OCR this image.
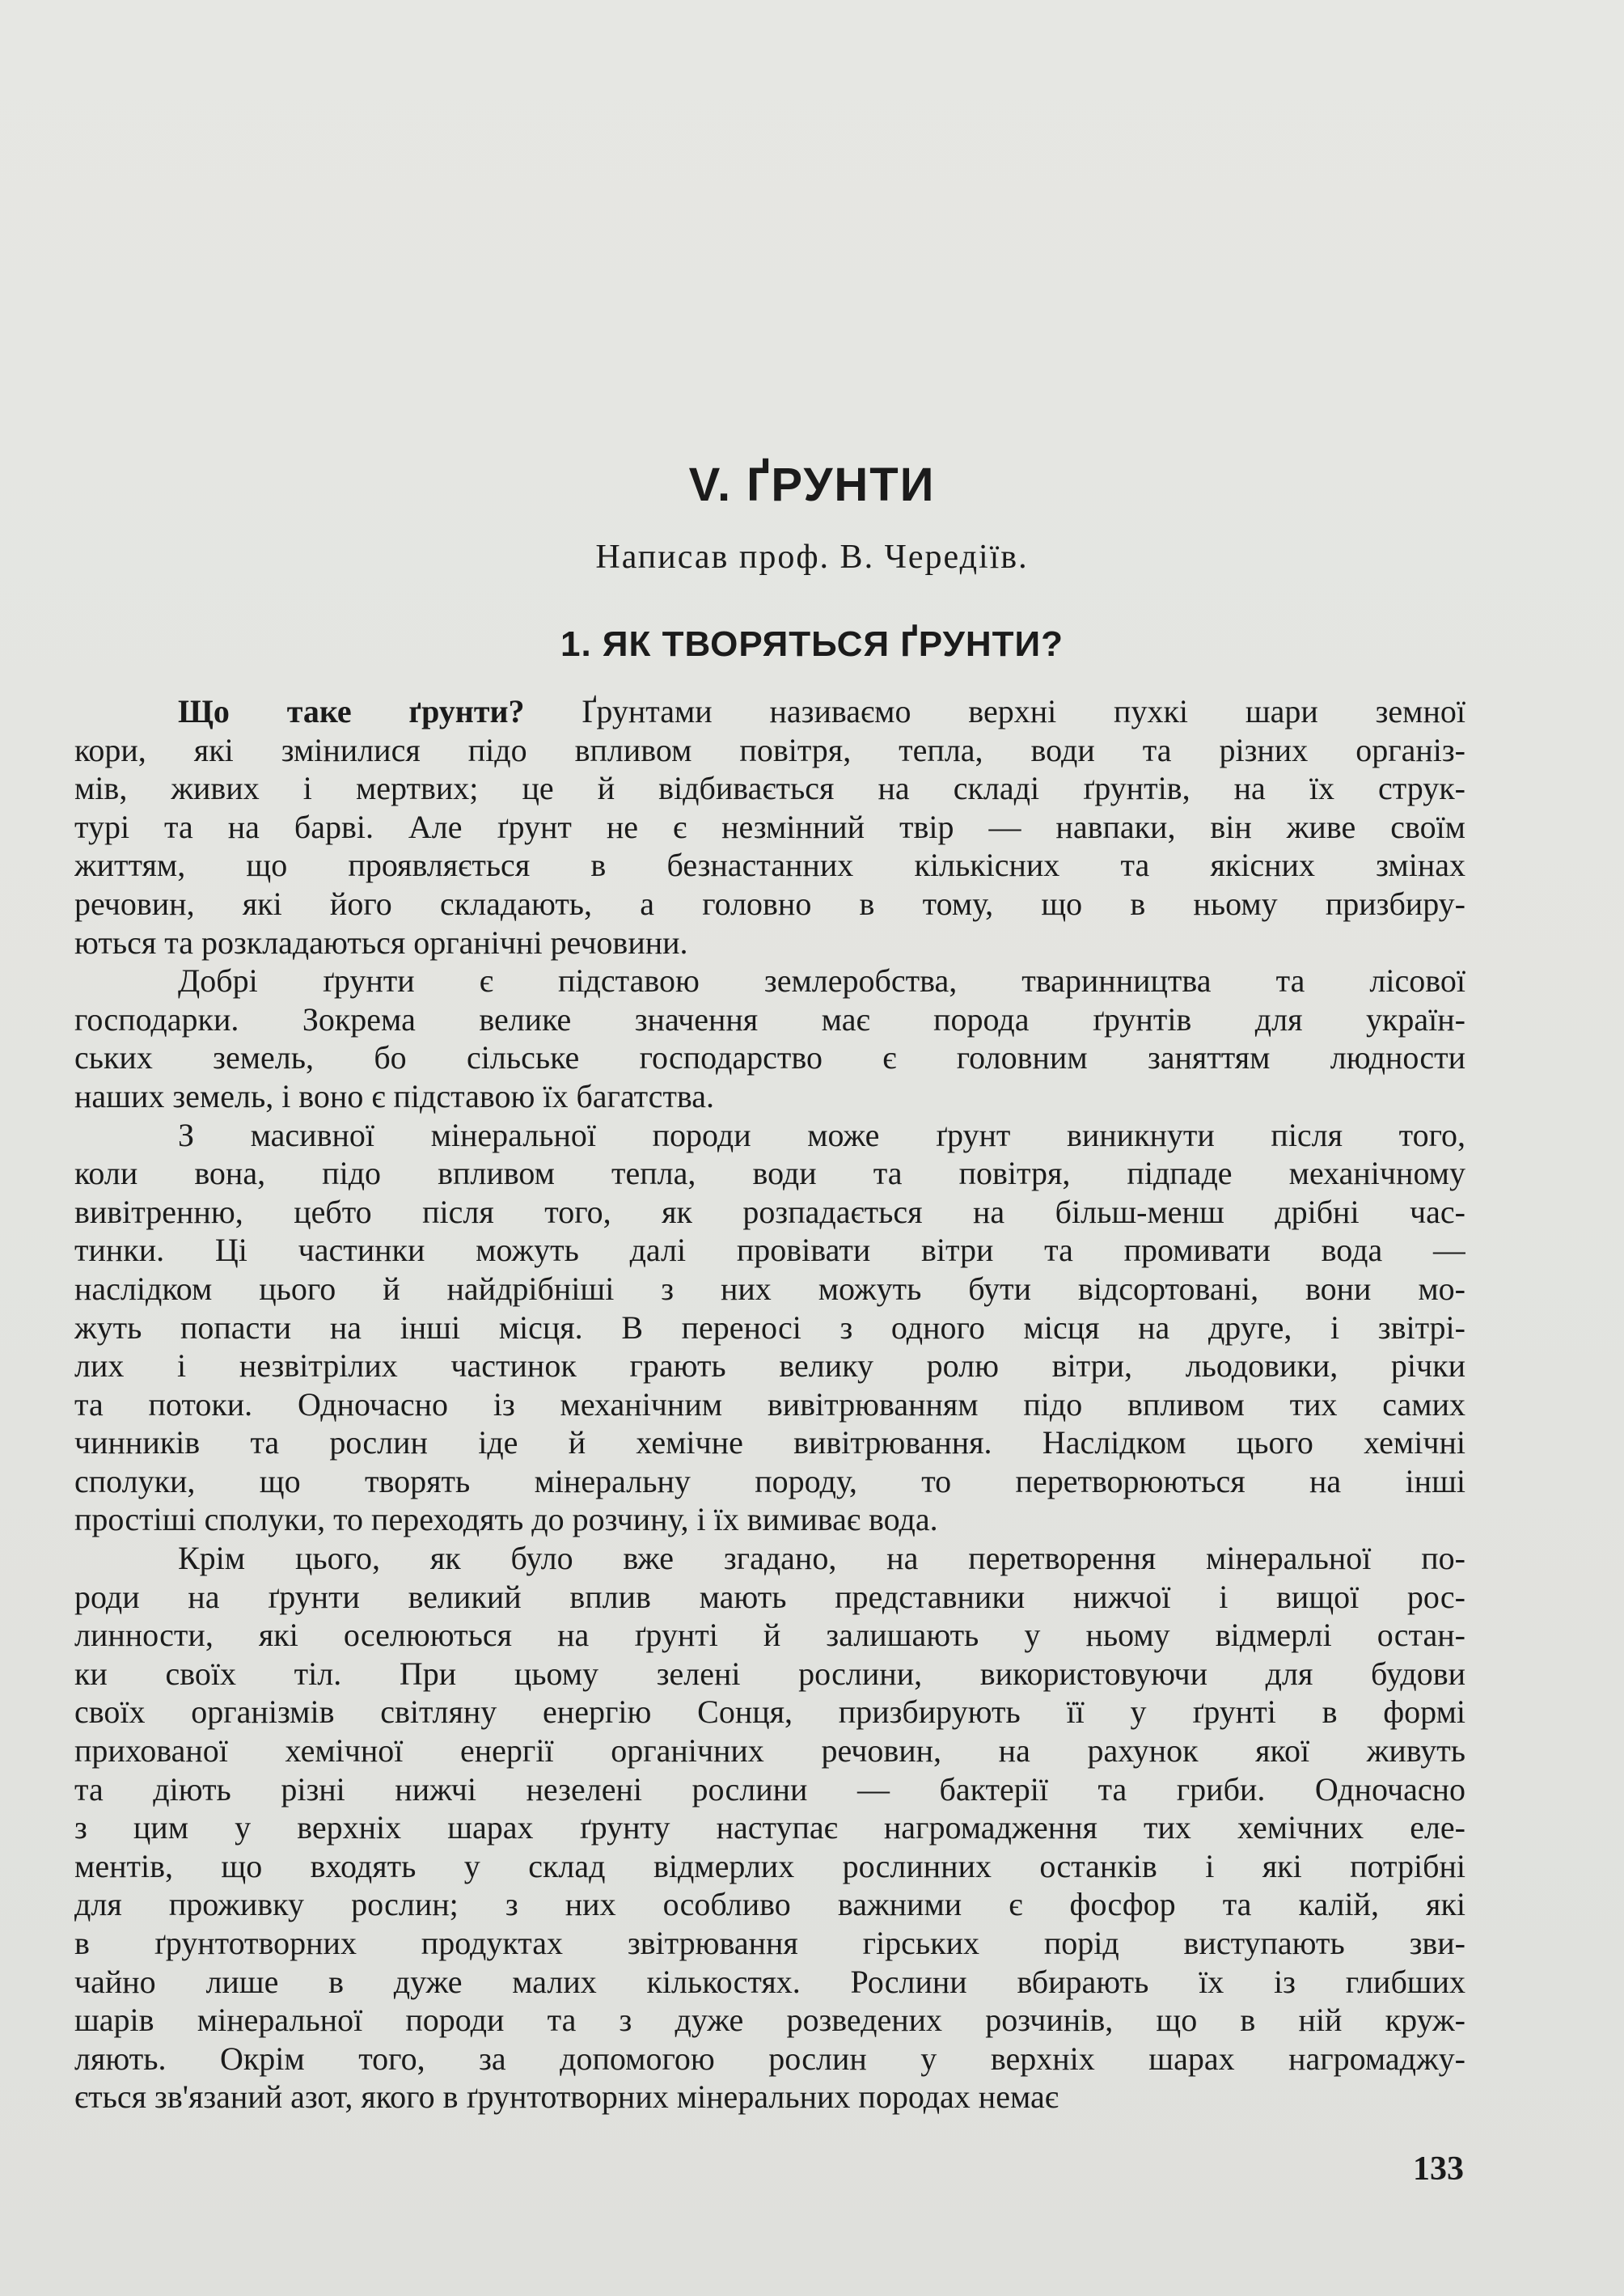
V. ҐРУНТИ

Написав проф. В. Чередіїв.

1. ЯК ТВОРЯТЬСЯ ҐРУНТИ?
Що таке ґрунти? Ґрунтами називаємо верхні пухкі шари земної
кори, які змінилися підо впливом повітря, тепла, води та різних організ-
мів, живих і мертвих; це й відбивається на складі ґрунтів, на їх струк-
турі та на барві. Але ґрунт не є незмінний твір — навпаки, він живе своїм
життям, що проявляється в безнастанних кількісних та якісних змінах
речовин, які його складають, а головно в тому, що в ньому призбиру-
ються та розкладаються органічні речовини.
Добрі ґрунти є підставою землеробства, тваринництва та лісової
господарки. Зокрема велике значення має порода ґрунтів для україн-
ських земель, бо сільське господарство є головним заняттям людности
наших земель, і воно є підставою їх багатства.
З масивної мінеральної породи може ґрунт виникнути після того,
коли вона, підо впливом тепла, води та повітря, підпаде механічному
вивітренню, цебто після того, як розпадається на більш-менш дрібні час-
тинки. Ці частинки можуть далі провівати вітри та промивати вода —
наслідком цього й найдрібніші з них можуть бути відсортовані, вони мо-
жуть попасти на інші місця. В переносі з одного місця на друге, і звітрі-
лих і незвітрілих частинок грають велику ролю вітри, льодовики, річки
та потоки. Одночасно із механічним вивітрюванням підо впливом тих самих
чинників та рослин іде й хемічне вивітрювання. Наслідком цього хемічні
сполуки, що творять мінеральну породу, то перетворюються на інші
простіші сполуки, то переходять до розчину, і їх вимиває вода.
Крім цього, як було вже згадано, на перетворення мінеральної по-
роди на ґрунти великий вплив мають представники нижчої і вищої рос-
линности, які оселюються на ґрунті й залишають у ньому відмерлі остан-
ки своїх тіл. При цьому зелені рослини, використовуючи для будови
своїх організмів світляну енергію Сонця, призбирують її у ґрунті в формі
прихованої хемічної енергії органічних речовин, на рахунок якої живуть
та діють різні нижчі незелені рослини — бактерії та гриби. Одночасно
з цим у верхніх шарах ґрунту наступає нагромадження тих хемічних еле-
ментів, що входять у склад відмерлих рослинних останків і які потрібні
для проживку рослин; з них особливо важними є фосфор та калій, які
в ґрунтотворних продуктах звітрювання гірських порід виступають зви-
чайно лише в дуже малих кількостях. Рослини вбирають їх із глибших
шарів мінеральної породи та з дуже розведених розчинів, що в ній круж-
ляють. Окрім того, за допомогою рослин у верхніх шарах нагромаджу-
ється зв'язаний азот, якого в ґрунтотворних мінеральних породах немає

133
